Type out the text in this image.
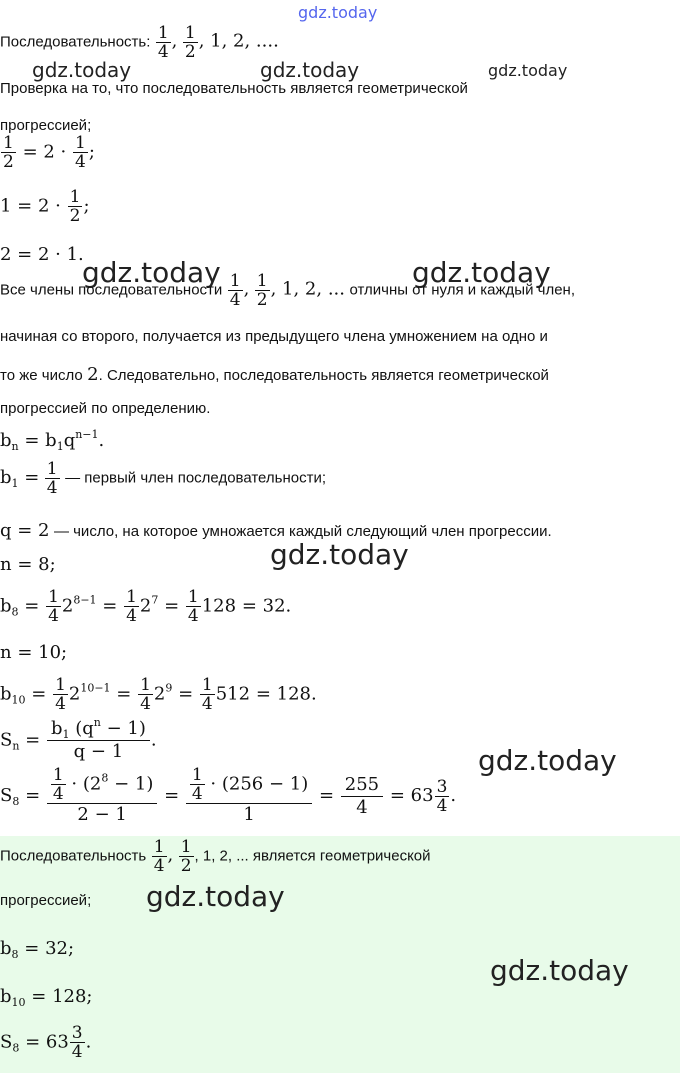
gdz.today
Последовательность: $\frac{1}{4}$ , $\frac{1}{2}$ , 1, 2, ....
gdz.today	gdz.today	gdz.today
Проверка на то, что последовательность является геометрической
прогрессией;
$\frac{1}{2} = 2 \cdot \frac{1}{4}$ ;
$1 = 2 \cdot \frac{1}{2}$ ;
2 = 2 · 1.
gdz.today	gdz.today
Все члены последовательности $\frac{1}{4}$ , $\frac{1}{2}$ , 1, 2, ... отличны от нуля и каждый член,
начиная со второго, получается из предыдущего члена умножением на одно и
то же число 2. Следовательно, последовательность является геометрической
прогрессией по определению.
$b_n = b_1q^{n-1}$.
$b_1 = \frac{1}{4}$ — первый член последовательности;
q = 2 — число, на которое умножается каждый следующий член прогрессии.
n = 8;	gdz.today
$b_8 = \frac{1}{4} 2^{8-1} = \frac{1}{4} 2^7 = \frac{1}{4} 128 = 32$.
n = 10;
$b_{10} = \frac{1}{4} 2^{10-1} = \frac{1}{4} 2^9 = \frac{1}{4} 512 = 128$.
$S_n = \frac{b_1 (q^n - 1)}{q - 1}$ .
gdz.today
$S_8 = \frac{\frac{1}{4} \cdot (2^8 - 1)}{2 - 1} = \frac{\frac{1}{4} \cdot (256 - 1)}{1} = \frac{255}{4} = 63 \frac{3}{4}$ .
Последовательность $\frac{1}{4}$ , $\frac{1}{2}$ , 1, 2, ... является геометрической
прогрессией; gdz.today
$b_8 = 32$;
gdz.today
$b_{10} = 128$;
$S_8 = 63 \frac{3}{4}$ .
